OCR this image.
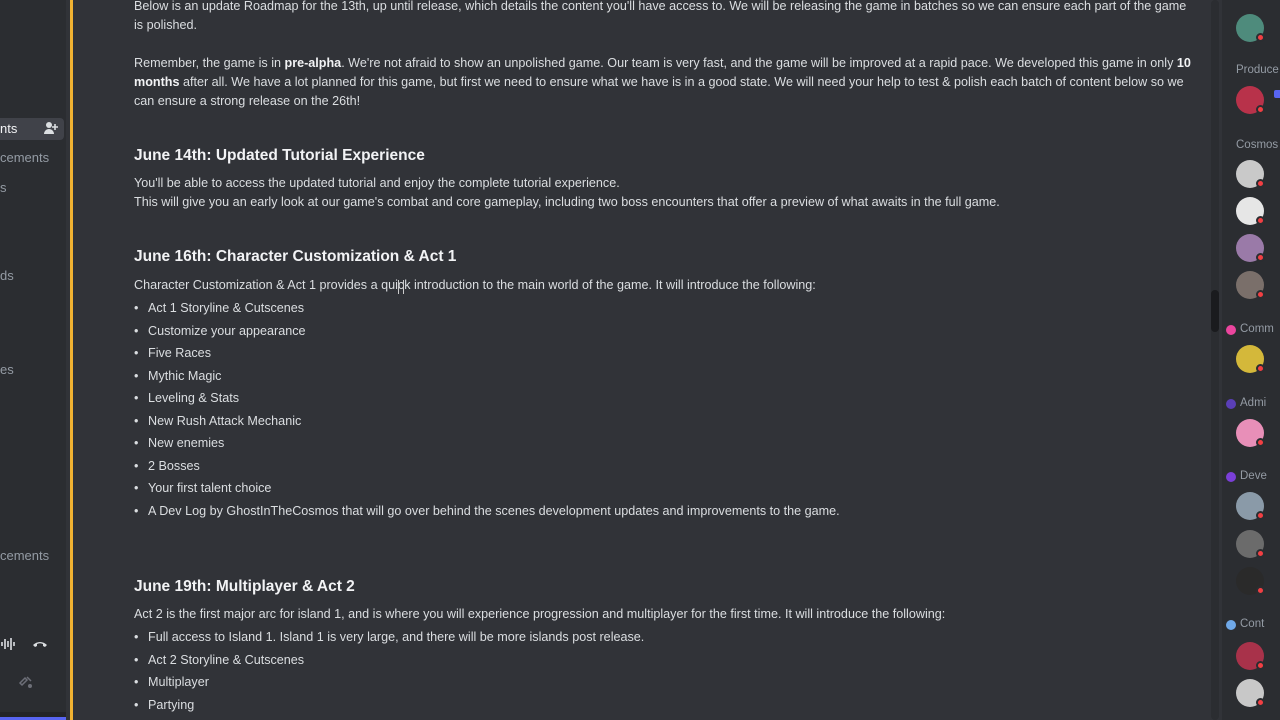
nts
cements
s
ds
es
cements
Below is an update Roadmap for the 13th, up until release, which details the content you'll have access to. We will be releasing the game in batches so we can ensure each part of the game is polished.
Remember, the game is in pre-alpha. We're not afraid to show an unpolished game. Our team is very fast, and the game will be improved at a rapid pace. We developed this game in only 10 months after all. We have a lot planned for this game, but first we need to ensure what we have is in a good state. We will need your help to test & polish each batch of content below so we can ensure a strong release on the 26th!
June 14th: Updated Tutorial Experience
You'll be able to access the updated tutorial and enjoy the complete tutorial experience.
This will give you an early look at our game's combat and core gameplay, including two boss encounters that offer a preview of what awaits in the full game.
June 16th: Character Customization & Act 1
Character Customization & Act 1 provides a quick introduction to the main world of the game. It will introduce the following:
• Act 1 Storyline & Cutscenes
• Customize your appearance
• Five Races
• Mythic Magic
• Leveling & Stats
• New Rush Attack Mechanic
• New enemies
• 2 Bosses
• Your first talent choice
• A Dev Log by GhostInTheCosmos that will go over behind the scenes development updates and improvements to the game.
June 19th: Multiplayer & Act 2
Act 2 is the first major arc for island 1, and is where you will experience progression and multiplayer for the first time. It will introduce the following:
• Full access to Island 1. Island 1 is very large, and there will be more islands post release.
• Act 2 Storyline & Cutscenes
• Multiplayer
• Partying
Produce
Cosmos
Comm
Admi
Deve
Cont
